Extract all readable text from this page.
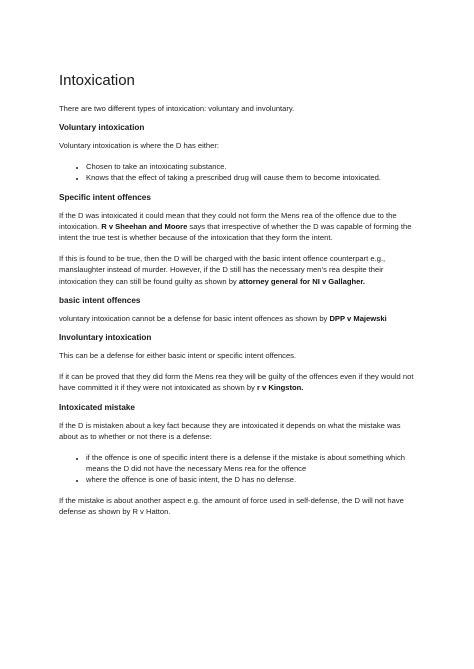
Intoxication

There are two different types of intoxication: voluntary and involuntary.

Voluntary intoxication

Voluntary intoxication is where the D has either:

• Chosen to take an intoxicating substance.
• Knows that the effect of taking a prescribed drug will cause them to become intoxicated.
Specific intent offences

If the D was intoxicated it could mean that they could not form the Mens rea of the offence due to the intoxication. R v Sheehan and Moore says that irrespective of whether the D was capable of forming the intent the true test is whether because of the intoxication that they form the intent.

If this is found to be true, then the D will be charged with the basic intent offence counterpart e.g., manslaughter instead of murder. However, if the D still has the necessary men’s rea despite their intoxication they can still be found guilty as shown by attorney general for NI v Gallagher.

basic intent offences

voluntary intoxication cannot be a defense for basic intent offences as shown by DPP v Majewski

Involuntary intoxication

This can be a defense for either basic intent or specific intent offences.

If it can be proved that they did form the Mens rea they will be guilty of the offences even if they would not have committed it if they were not intoxicated as shown by r v Kingston.

Intoxicated mistake

If the D is mistaken about a key fact because they are intoxicated it depends on what the mistake was about as to whether or not there is a defense:

• if the offence is one of specific intent there is a defense if the mistake is about something which means the D did not have the necessary Mens rea for the offence
• where the offence is one of basic intent, the D has no defense.

If the mistake is about another aspect e.g. the amount of force used in self-defense, the D will not have defense as shown by R v Hatton.
